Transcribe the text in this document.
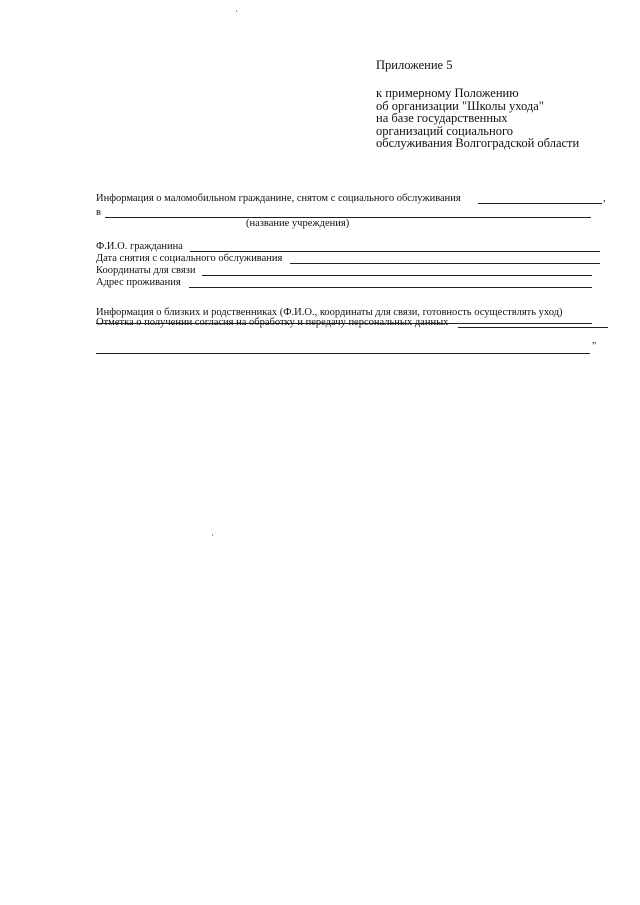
Приложение 5
к примерному Положению
об организации "Школы ухода"
на базе государственных
организаций социального
обслуживания Волгоградской области
Информация о маломобильном гражданине, снятом с социального обслуживания	,
в
(название учреждения)
Ф.И.О. гражданина
Дата снятия с социального обслуживания
Координаты для связи
Адрес проживания
Информация о близких и родственниках (Ф.И.О., координаты для связи, готовность осуществлять уход)
Отметка о получении согласия на обработку и передачу персональных данных
"
